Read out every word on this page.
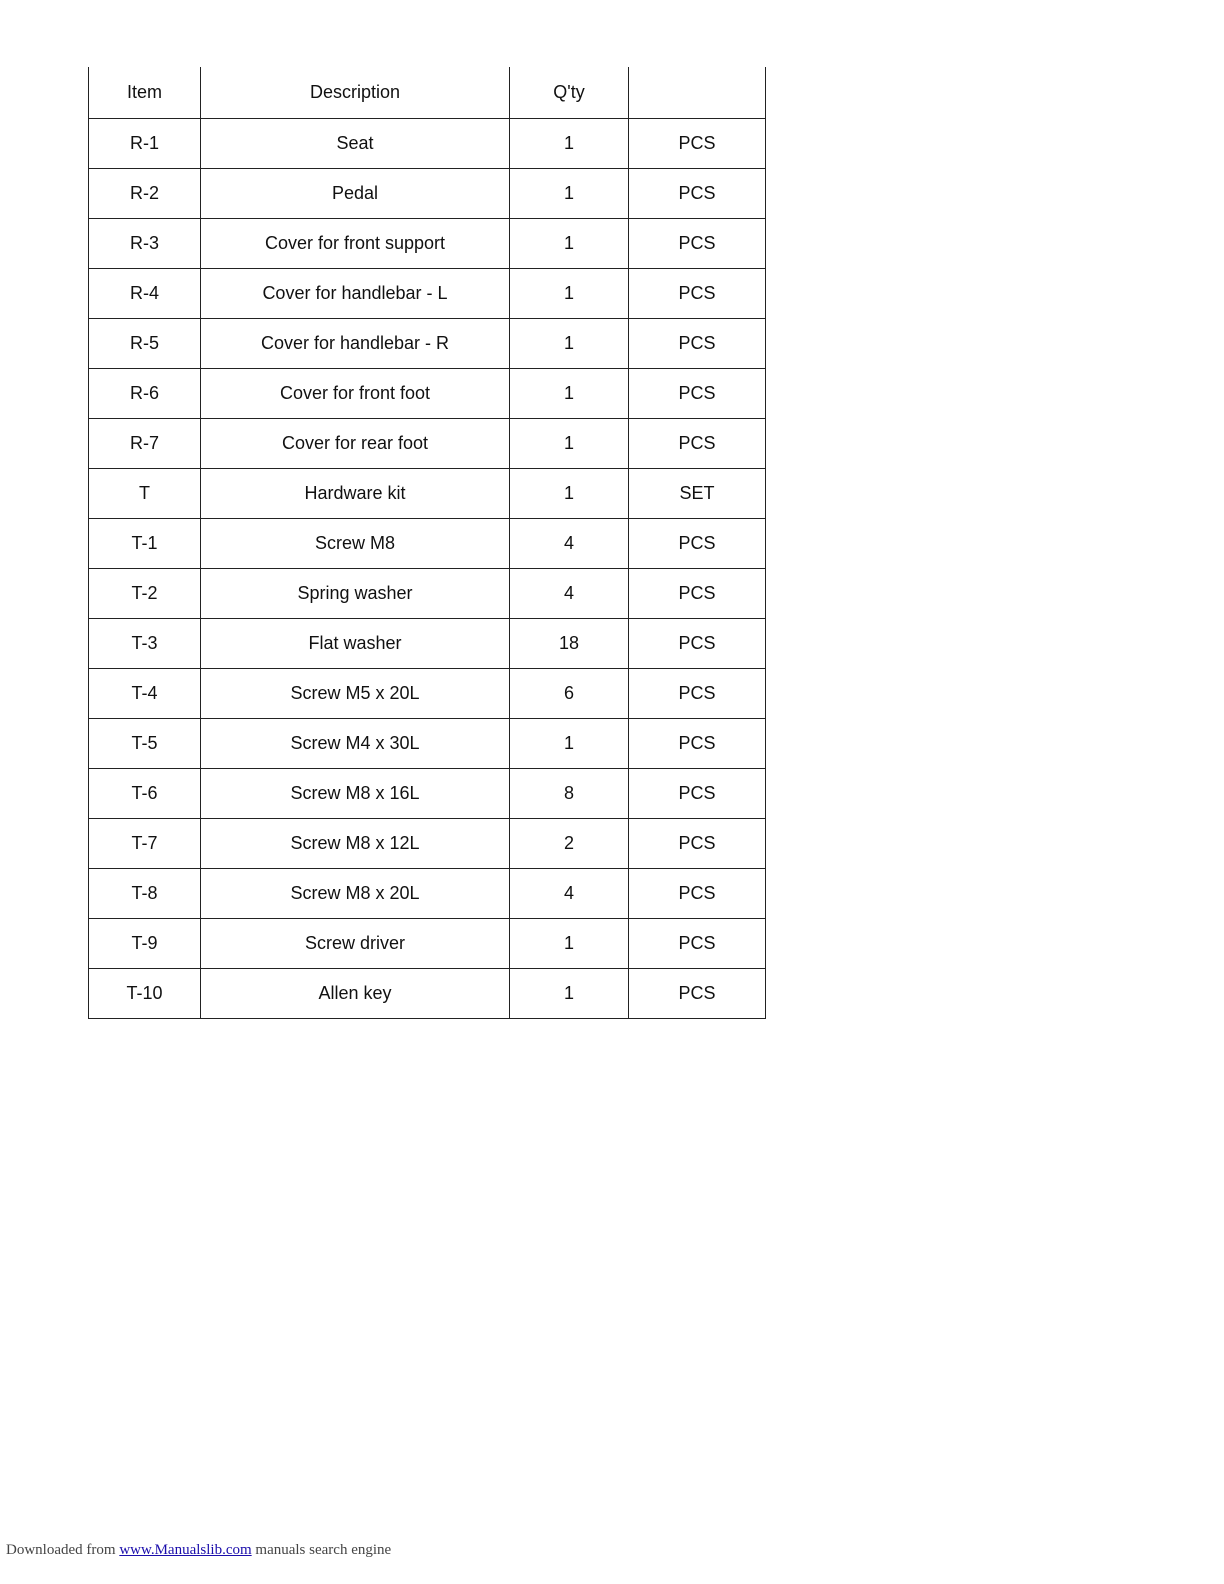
Item	Description	Q'ty	
R-1	Seat	1	PCS
R-2	Pedal	1	PCS
R-3	Cover for front support	1	PCS
R-4	Cover for handlebar - L	1	PCS
R-5	Cover for handlebar - R	1	PCS
R-6	Cover for front foot	1	PCS
R-7	Cover for rear foot	1	PCS
T	Hardware kit	1	SET
T-1	Screw M8	4	PCS
T-2	Spring washer	4	PCS
T-3	Flat washer	18	PCS
T-4	Screw M5 x 20L	6	PCS
T-5	Screw M4 x 30L	1	PCS
T-6	Screw M8 x 16L	8	PCS
T-7	Screw M8 x 12L	2	PCS
T-8	Screw M8 x 20L	4	PCS
T-9	Screw driver	1	PCS
T-10	Allen key	1	PCS
Downloaded from www.Manualslib.com manuals search engine
